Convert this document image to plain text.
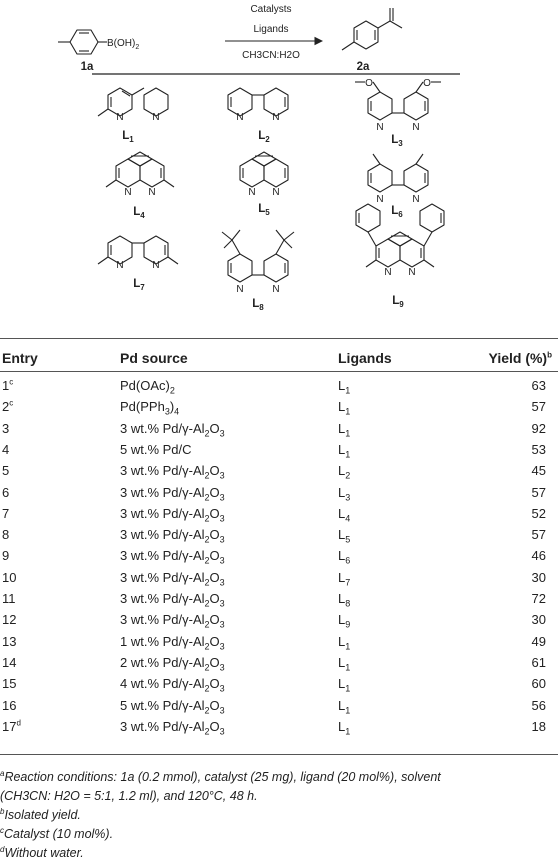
$B(OH)_2$
1a
Catalysts
Ligands
CH3CN:H2O
2a
N	N
$L_1$
N	N
$L_2$
O	O
N	N
$L_3$
N N
$L_4$
N N
$L_5$
N	N
$L_6$
N	N
$L_7$	N	N
$L_8$
N N
$L_9$
Entry	Pd source	Ligands	Yield (%)$^b$
1$^c$	$Pd(OAc)_2$	$L_1$	63
2$^c$	$Pd(PPh_3)_4$	$L_1$	57
3	3 wt.% $Pd/\gamma-Al_2O_3$	$L_1$	92
4	5 wt.% Pd/C	$L_1$	53
5	3 wt.% $Pd/\gamma-Al_2O_3$	$L_2$	45
6	3 wt.% $Pd/\gamma-Al_2O_3$	$L_3$	57
7	3 wt.% $Pd/\gamma-Al_2O_3$	$L_4$	52
8	3 wt.% $Pd/\gamma-Al_2O_3$	$L_5$	57
9	3 wt.% $Pd/\gamma-Al_2O_3$	$L_6$	46
10	3 wt.% $Pd/\gamma-Al_2O_3$	$L_7$	30
11	3 wt.% $Pd/\gamma-Al_2O_3$	$L_8$	72
12	3 wt.% $Pd/\gamma-Al_2O_3$	$L_9$	30
13	1 wt.% $Pd/\gamma-Al_2O_3$	$L_1$	49
14	2 wt.% $Pd/\gamma-Al_2O_3$	$L_1$	61
15	4 wt.% $Pd/\gamma-Al_2O_3$	$L_1$	60
16	5 wt.% $Pd/\gamma-Al_2O_3$	$L_1$	56
17$^d$	3 wt.% $Pd/\gamma-Al_2O_3$	$L_1$	18
$^a$Reaction conditions: 1a (0.2 mmol), catalyst (25 mg), ligand (20 mol%), solvent
(CH3CN: H2O = 5:1, 1.2 ml), and 120°C, 48 h.
$^b$Isolated yield.
$^c$Catalyst (10 mol%).
$^d$Without water.
